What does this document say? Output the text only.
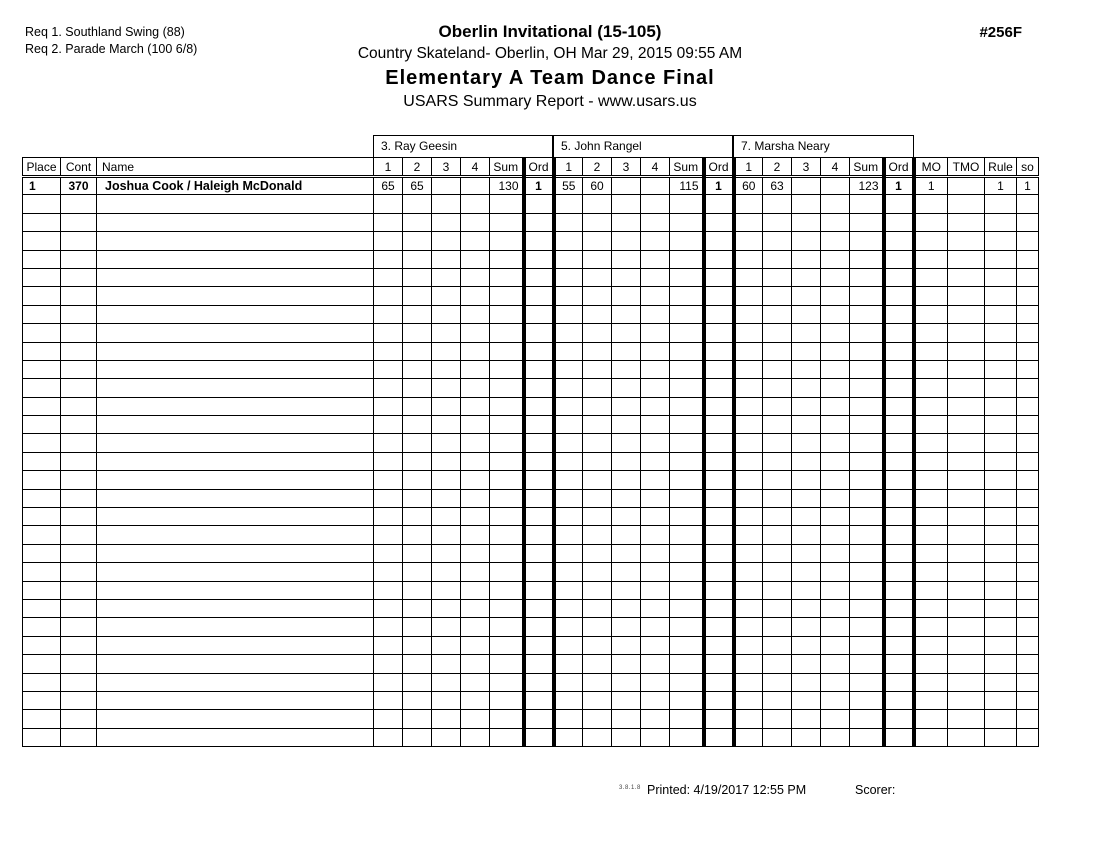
Req 1. Southland Swing (88)
Req 2. Parade March (100 6/8)
Oberlin Invitational (15-105)
Country Skateland- Oberlin, OH Mar 29, 2015 09:55 AM
Elementary A Team Dance Final
USARS Summary Report - www.usars.us
#256F
3. Ray Geesin	5. John Rangel	7. Marsha Neary
Place	Cont	Name	1	2	3	4	Sum	Ord	1	2	3	4	Sum	Ord	1	2	3	4	Sum	Ord	MO	TMO	Rule	so
1	370	Joshua Cook / Haleigh McDonald	65	65			130	1	55	60			115	1	60	63			123	1	1		1	1

3.8.1.8 Printed: 4/19/2017 12:55 PM	Scorer:
